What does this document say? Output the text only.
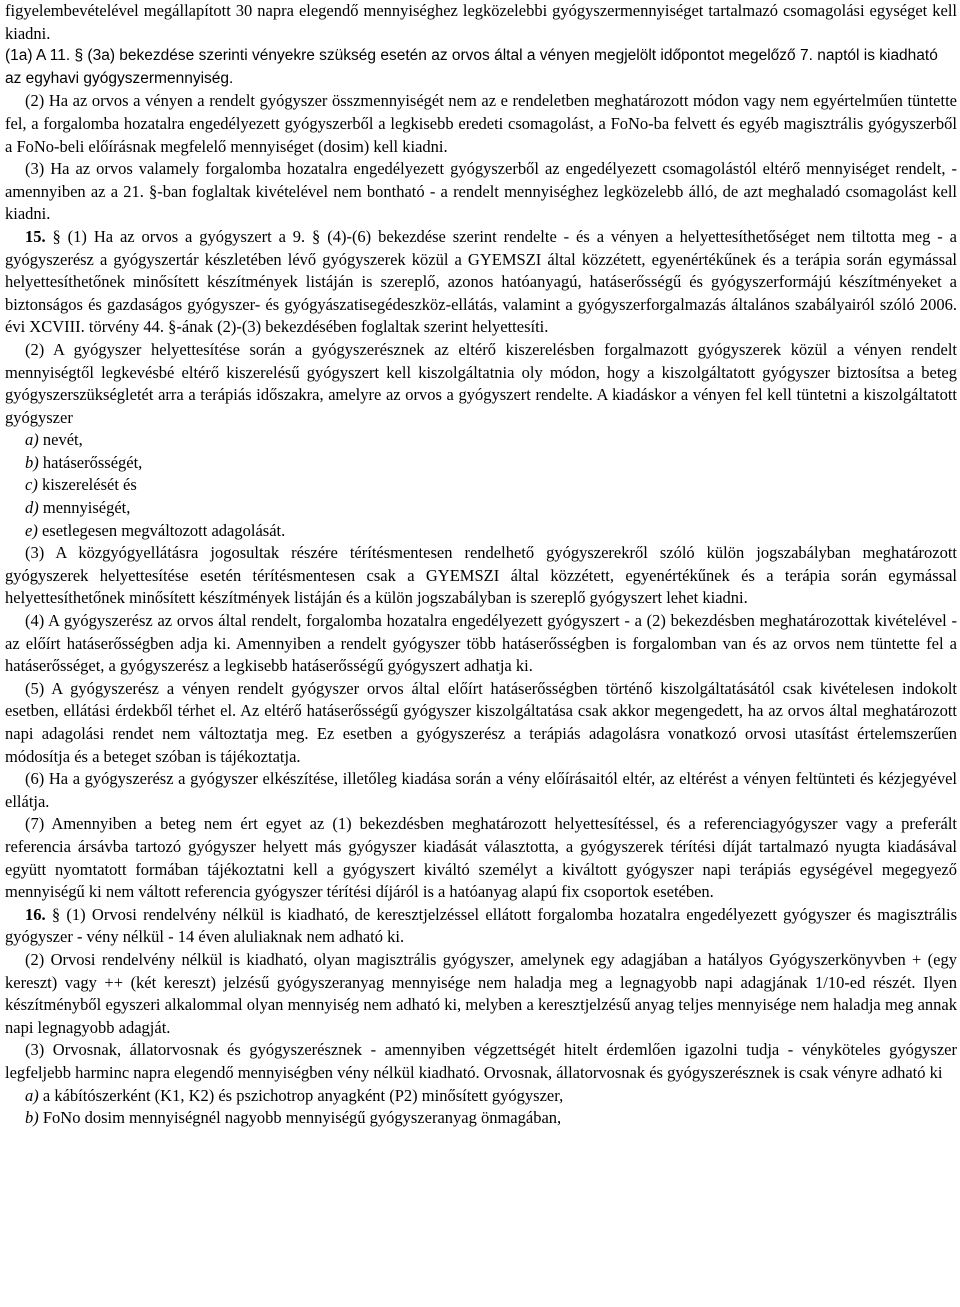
figyelembevételével megállapított 30 napra elegendő mennyiséghez legközelebbi gyógyszermennyiséget tartalmazó csomagolási egységet kell kiadni.

(1a) A 11. § (3a) bekezdése szerinti vényekre szükség esetén az orvos által a vényen megjelölt időpontot megelőző 7. naptól is kiadható az egyhavi gyógyszermennyiség.

(2) Ha az orvos a vényen a rendelt gyógyszer összmennyiségét nem az e rendeletben meghatározott módon vagy nem egyértelműen tüntette fel, a forgalomba hozatalra engedélyezett gyógyszerből a legkisebb eredeti csomagolást, a FoNo-ba felvett és egyéb magisztrális gyógyszerből a FoNo-beli előírásnak megfelelő mennyiséget (dosim) kell kiadni.

(3) Ha az orvos valamely forgalomba hozatalra engedélyezett gyógyszerből az engedélyezett csomagolástól eltérő mennyiséget rendelt, - amennyiben az a 21. §-ban foglaltak kivételével nem bontható - a rendelt mennyiséghez legközelebb álló, de azt meghaladó csomagolást kell kiadni.

15. § (1) Ha az orvos a gyógyszert a 9. § (4)-(6) bekezdése szerint rendelte - és a vényen a helyettesíthetőséget nem tiltotta meg - a gyógyszerész a gyógyszertár készletében lévő gyógyszerek közül a GYEMSZI által közzétett, egyenértékűnek és a terápia során egymással helyettesíthetőnek minősített készítmények listáján is szereplő, azonos hatóanyagú, hatáserősségű és gyógyszerformájú készítményeket a biztonságos és gazdaságos gyógyszer- és gyógyászatisegédeszköz-ellátás, valamint a gyógyszerforgalmazás általános szabályairól szóló 2006. évi XCVIII. törvény 44. §-ának (2)-(3) bekezdésében foglaltak szerint helyettesíti.

(2) A gyógyszer helyettesítése során a gyógyszerésznek az eltérő kiszerelésben forgalmazott gyógyszerek közül a vényen rendelt mennyiségtől legkevésbé eltérő kiszerelésű gyógyszert kell kiszolgáltatnia oly módon, hogy a kiszolgáltatott gyógyszer biztosítsa a beteg gyógyszerszükségletét arra a terápiás időszakra, amelyre az orvos a gyógyszert rendelte. A kiadáskor a vényen fel kell tüntetni a kiszolgáltatott gyógyszer

a) nevét,

b) hatáserősségét,

c) kiszerelését és

d) mennyiségét,

e) esetlegesen megváltozott adagolását.

(3) A közgyógyellátásra jogosultak részére térítésmentesen rendelhető gyógyszerekről szóló külön jogszabályban meghatározott gyógyszerek helyettesítése esetén térítésmentesen csak a GYEMSZI által közzétett, egyenértékűnek és a terápia során egymással helyettesíthetőnek minősített készítmények listáján és a külön jogszabályban is szereplő gyógyszert lehet kiadni.

(4) A gyógyszerész az orvos által rendelt, forgalomba hozatalra engedélyezett gyógyszert - a (2) bekezdésben meghatározottak kivételével - az előírt hatáserősségben adja ki. Amennyiben a rendelt gyógyszer több hatáserősségben is forgalomban van és az orvos nem tüntette fel a hatáserősséget, a gyógyszerész a legkisebb hatáserősségű gyógyszert adhatja ki.

(5) A gyógyszerész a vényen rendelt gyógyszer orvos által előírt hatáserősségben történő kiszolgáltatásától csak kivételesen indokolt esetben, ellátási érdekből térhet el. Az eltérő hatáserősségű gyógyszer kiszolgáltatása csak akkor megengedett, ha az orvos által meghatározott napi adagolási rendet nem változtatja meg. Ez esetben a gyógyszerész a terápiás adagolásra vonatkozó orvosi utasítást értelemszerűen módosítja és a beteget szóban is tájékoztatja.

(6) Ha a gyógyszerész a gyógyszer elkészítése, illetőleg kiadása során a vény előírásaitól eltér, az eltérést a vényen feltünteti és kézjegyével ellátja.

(7) Amennyiben a beteg nem ért egyet az (1) bekezdésben meghatározott helyettesítéssel, és a referenciagyógyszer vagy a preferált referencia ársávba tartozó gyógyszer helyett más gyógyszer kiadását választotta, a gyógyszerek térítési díját tartalmazó nyugta kiadásával együtt nyomtatott formában tájékoztatni kell a gyógyszert kiváltó személyt a kiváltott gyógyszer napi terápiás egységével megegyező mennyiségű ki nem váltott referencia gyógyszer térítési díjáról is a hatóanyag alapú fix csoportok esetében.

16. § (1) Orvosi rendelvény nélkül is kiadható, de keresztjelzéssel ellátott forgalomba hozatalra engedélyezett gyógyszer és magisztrális gyógyszer - vény nélkül - 14 éven aluliaknak nem adható ki.

(2) Orvosi rendelvény nélkül is kiadható, olyan magisztrális gyógyszer, amelynek egy adagjában a hatályos Gyógyszerkönyvben + (egy kereszt) vagy ++ (két kereszt) jelzésű gyógyszeranyag mennyisége nem haladja meg a legnagyobb napi adagjának 1/10-ed részét. Ilyen készítményből egyszeri alkalommal olyan mennyiség nem adható ki, melyben a keresztjelzésű anyag teljes mennyisége nem haladja meg annak napi legnagyobb adagját.

(3) Orvosnak, állatorvosnak és gyógyszerésznek - amennyiben végzettségét hitelt érdemlően igazolni tudja - vényköteles gyógyszer legfeljebb harminc napra elegendő mennyiségben vény nélkül kiadható. Orvosnak, állatorvosnak és gyógyszerésznek is csak vényre adható ki

a) a kábítószerként (K1, K2) és pszichotrop anyagként (P2) minősített gyógyszer,

b) FoNo dosim mennyiségnél nagyobb mennyiségű gyógyszeranyag önmagában,
